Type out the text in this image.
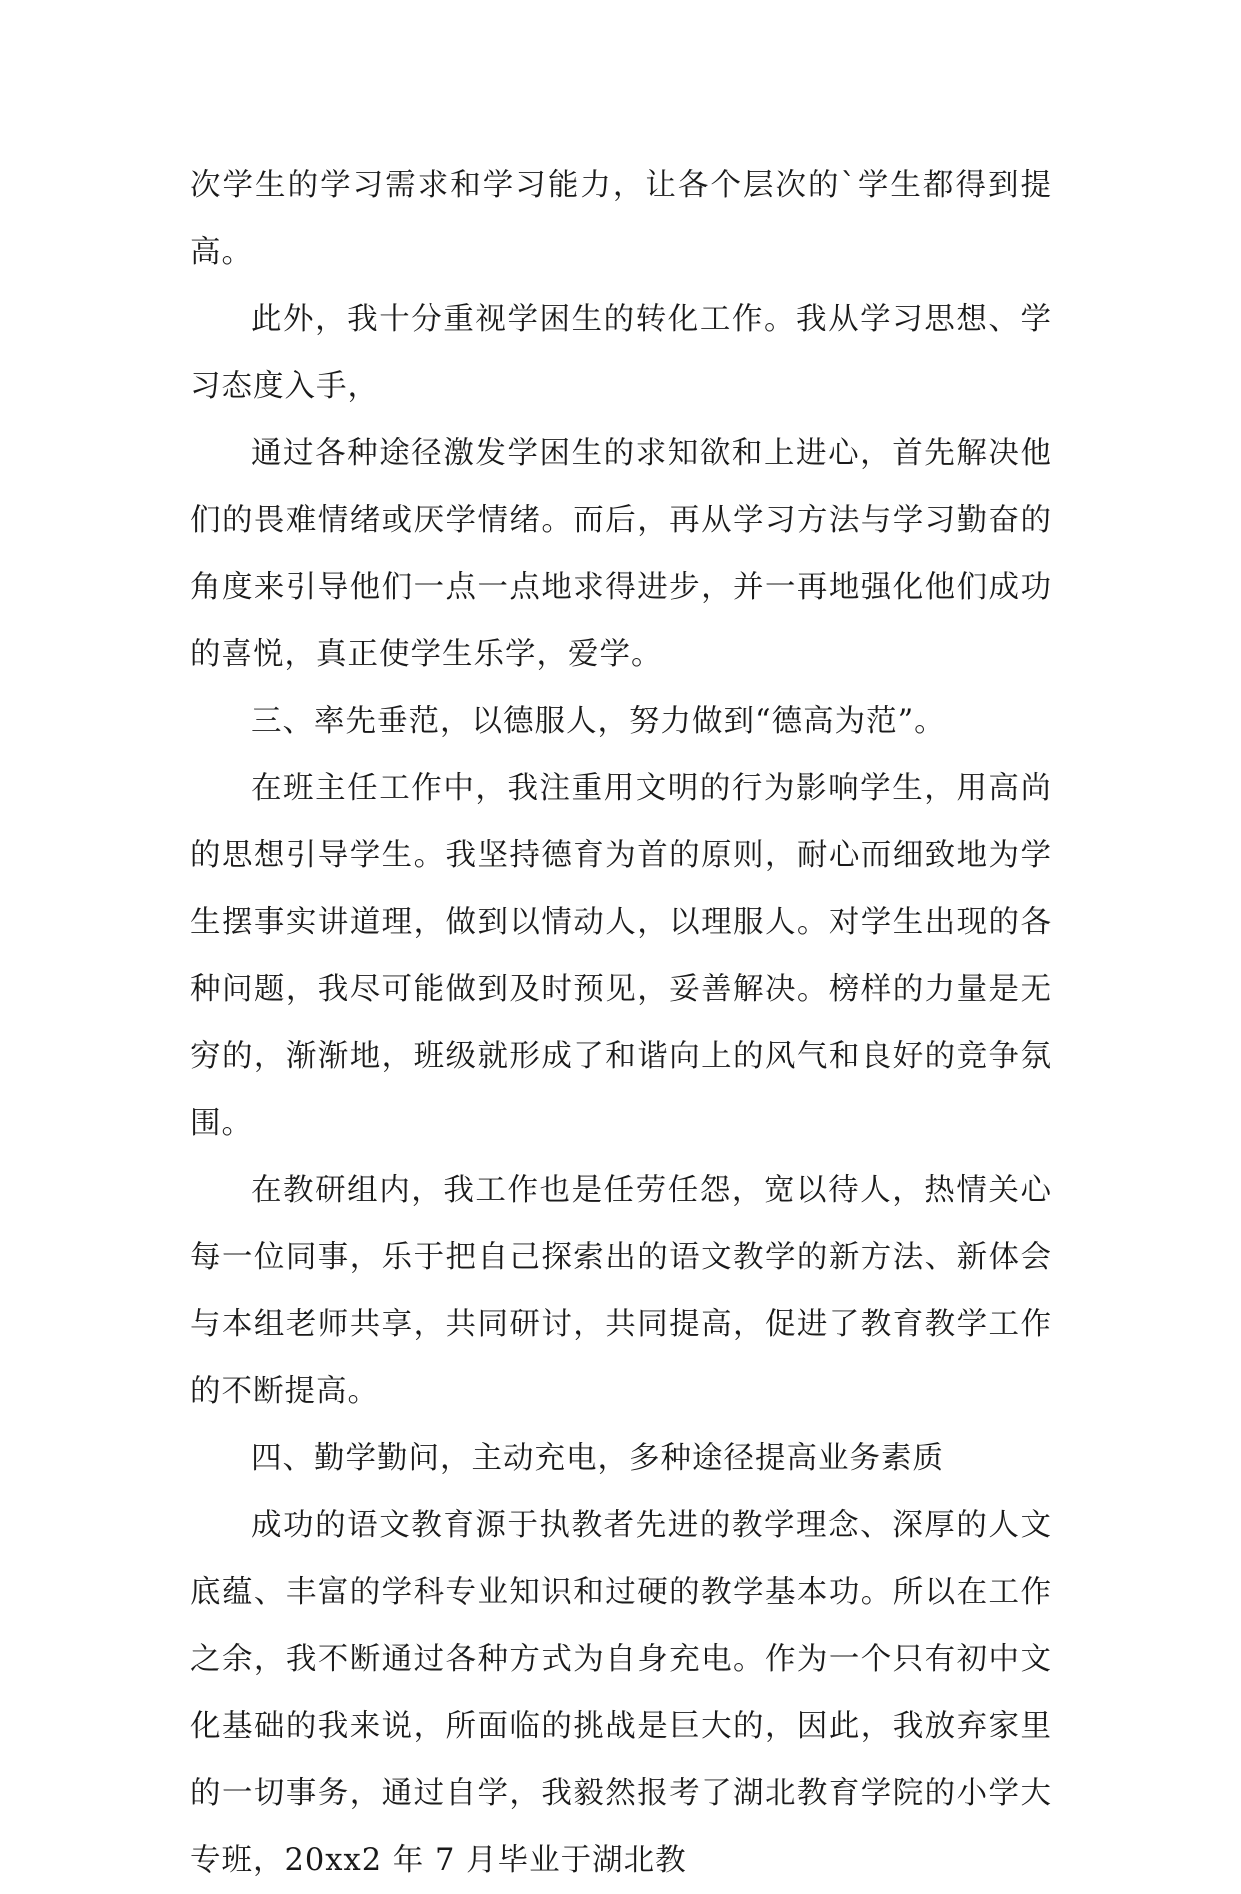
次学生的学习需求和学习能力，让各个层次的`学生都得到提高。

此外，我十分重视学困生的转化工作。我从学习思想、学习态度入手，

通过各种途径激发学困生的求知欲和上进心，首先解决他们的畏难情绪或厌学情绪。而后，再从学习方法与学习勤奋的角度来引导他们一点一点地求得进步，并一再地强化他们成功的喜悦，真正使学生乐学，爱学。

三、率先垂范，以德服人，努力做到“德高为范”。

在班主任工作中，我注重用文明的行为影响学生，用高尚的思想引导学生。我坚持德育为首的原则，耐心而细致地为学生摆事实讲道理，做到以情动人，以理服人。对学生出现的各种问题，我尽可能做到及时预见，妥善解决。榜样的力量是无穷的，渐渐地，班级就形成了和谐向上的风气和良好的竞争氛围。

在教研组内，我工作也是任劳任怨，宽以待人，热情关心每一位同事，乐于把自己探索出的语文教学的新方法、新体会与本组老师共享，共同研讨，共同提高，促进了教育教学工作的不断提高。

四、勤学勤问，主动充电，多种途径提高业务素质

成功的语文教育源于执教者先进的教学理念、深厚的人文底蕴、丰富的学科专业知识和过硬的教学基本功。所以在工作之余，我不断通过各种方式为自身充电。作为一个只有初中文化基础的我来说，所面临的挑战是巨大的，因此，我放弃家里的一切事务，通过自学，我毅然报考了湖北教育学院的小学大专班，20xx2 年 7 月毕业于湖北教
